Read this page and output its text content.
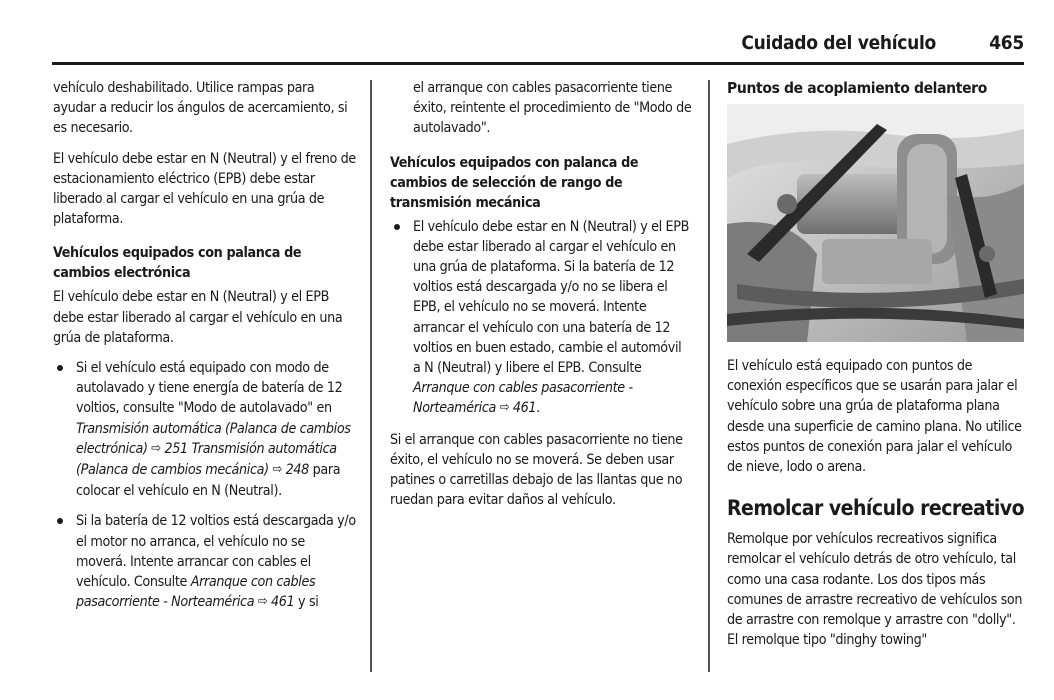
Cuidado del vehículo	465

vehículo deshabilitado. Utilice rampas para ayudar a reducir los ángulos de acercamiento, si es necesario.

El vehículo debe estar en N (Neutral) y el freno de estacionamiento eléctrico (EPB) debe estar liberado al cargar el vehículo en una grúa de plataforma.

Vehículos equipados con palanca de cambios electrónica

El vehículo debe estar en N (Neutral) y el EPB debe estar liberado al cargar el vehículo en una grúa de plataforma.

Si el vehículo está equipado con modo de autolavado y tiene energía de batería de 12 voltios, consulte "Modo de autolavado" en Transmisión automática (Palanca de cambios electrónica) ⇨ 251 Transmisión automática (Palanca de cambios mecánica) ⇨ 248 para colocar el vehículo en N (Neutral).
Si la batería de 12 voltios está descargada y/o el motor no arranca, el vehículo no se moverá. Intente arrancar con cables el vehículo. Consulte Arranque con cables pasacorriente - Norteamérica ⇨ 461 y si

el arranque con cables pasacorriente tiene éxito, reintente el procedimiento de "Modo de autolavado".

Vehículos equipados con palanca de cambios de selección de rango de transmisión mecánica
El vehículo debe estar en N (Neutral) y el EPB debe estar liberado al cargar el vehículo en una grúa de plataforma. Si la batería de 12 voltios está descargada y/o no se libera el EPB, el vehículo no se moverá. Intente arrancar el vehículo con una batería de 12 voltios en buen estado, cambie el automóvil a N (Neutral) y libere el EPB. Consulte Arranque con cables pasacorriente - Norteamérica ⇨ 461.

Si el arranque con cables pasacorriente no tiene éxito, el vehículo no se moverá. Se deben usar patines o carretillas debajo de las llantas que no ruedan para evitar daños al vehículo.

Puntos de acoplamiento delantero

El vehículo está equipado con puntos de conexión específicos que se usarán para jalar el vehículo sobre una grúa de plataforma plana desde una superficie de camino plana. No utilice estos puntos de conexión para jalar el vehículo de nieve, lodo o arena.

Remolcar vehículo recreativo

Remolque por vehículos recreativos significa remolcar el vehículo detrás de otro vehículo, tal como una casa rodante. Los dos tipos más comunes de arrastre recreativo de vehículos son de arrastre con remolque y arrastre con "dolly". El remolque tipo "dinghy towing"
